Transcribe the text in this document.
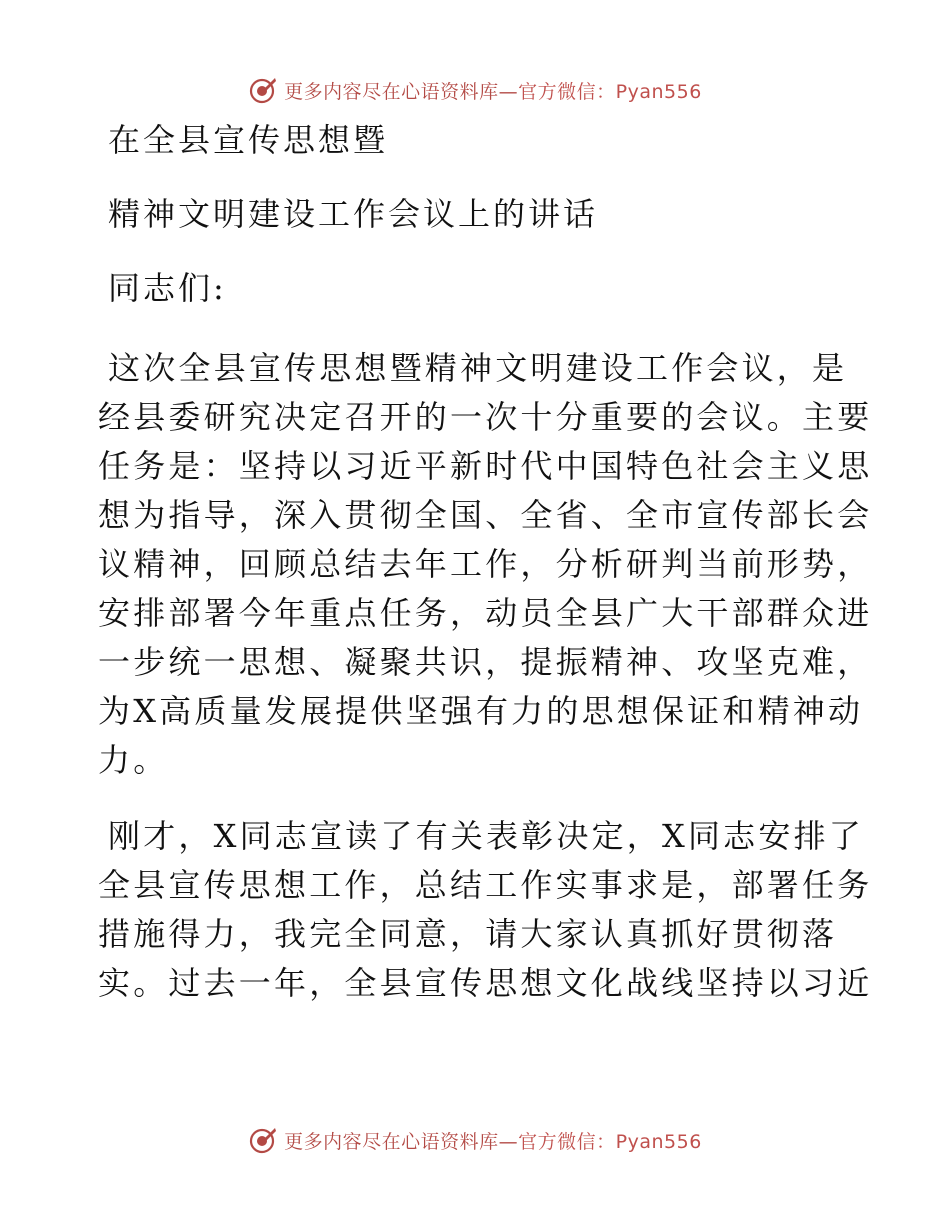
更多内容尽在心语资料库—官方微信：Pyan556

在全县宣传思想暨

精神文明建设工作会议上的讲话

同志们:

这次全县宣传思想暨精神文明建设工作会议，是
经县委研究决定召开的一次十分重要的会议。主要
任务是：坚持以习近平新时代中国特色社会主义思
想为指导，深入贯彻全国、全省、全市宣传部长会
议精神，回顾总结去年工作，分析研判当前形势，
安排部署今年重点任务，动员全县广大干部群众进
一步统一思想、凝聚共识，提振精神、攻坚克难，
为X高质量发展提供坚强有力的思想保证和精神动
力。
刚才，X同志宣读了有关表彰决定，X同志安排了
全县宣传思想工作，总结工作实事求是，部署任务
措施得力，我完全同意，请大家认真抓好贯彻落
实。过去一年，全县宣传思想文化战线坚持以习近
更多内容尽在心语资料库—官方微信：Pyan556
